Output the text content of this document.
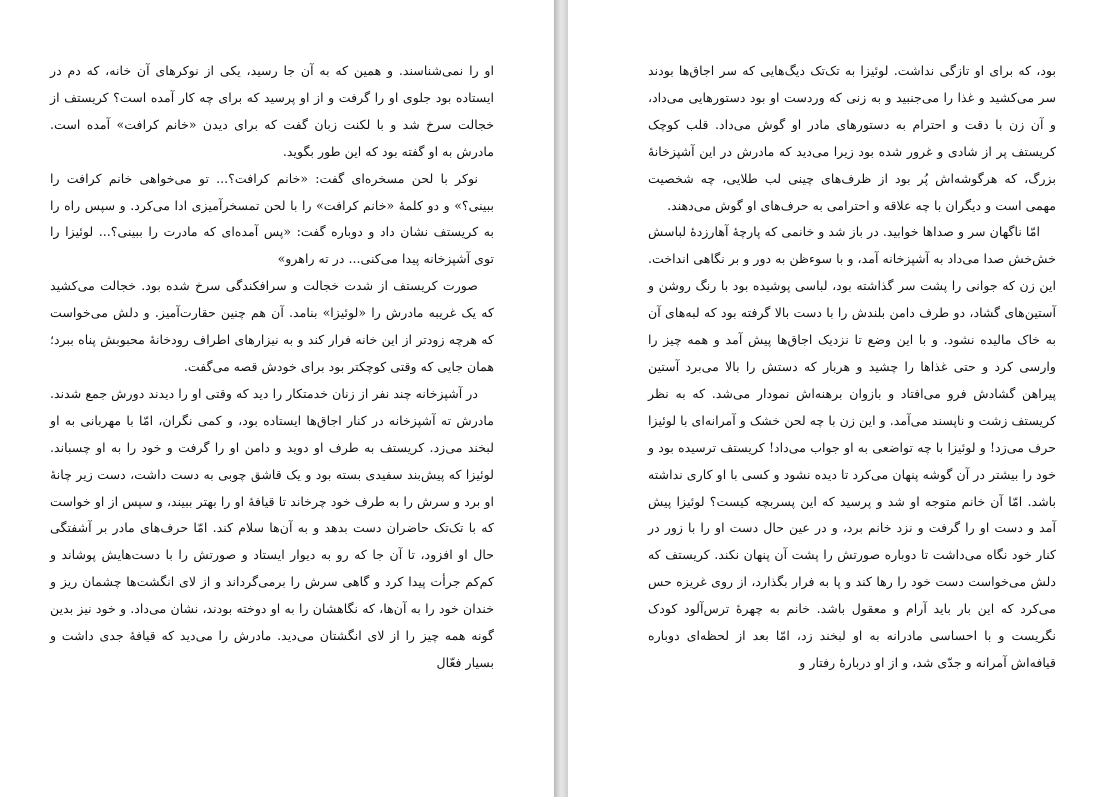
او را نمی‌شناسند. و همین که به آن جا رسید، یکی از نوکرهای آن خانه، که دم در ایستاده بود جلوی او را گرفت و از او پرسید که برای چه کار آمده است؟ کریستف از خجالت سرخ شد و با لکنت زبان گفت که برای دیدن «خانم کرافت» آمده است. مادرش به او گفته بود که این طور بگوید.

نوکر با لحن مسخره‌ای گفت: «خانم کرافت؟... تو می‌خواهی خانم کرافت را ببینی؟» و دو کلمهٔ «خانم کرافت» را با لحن تمسخرآمیزی ادا می‌کرد. و سپس راه را به کریستف نشان داد و دوباره گفت: «پس آمده‌ای که مادرت را ببینی؟... لوئیزا را توی آشپزخانه پیدا می‌کنی... در ته راهرو»

صورت کریستف از شدت خجالت و سرافکندگی سرخ شده بود. خجالت می‌کشید که یک غریبه مادرش را «لوئیزا» بنامد. آن هم چنین حقارت‌آمیز. و دلش می‌خواست که هرچه زودتر از این خانه فرار کند و به نیزارهای اطراف رودخانهٔ محبوبش پناه ببرد؛ همان جایی که وقتی کوچکتر بود برای خودش قصه می‌گفت.

در آشپزخانه چند نفر از زنان خدمتکار را دید که وقتی او را دیدند دورش جمع شدند. مادرش ته آشپزخانه در کنار اجاق‌ها ایستاده بود، و کمی نگران، امّا با مهربانی به او لبخند می‌زد. کریستف به طرف او دوید و دامن او را گرفت و خود را به او چسباند. لوئیزا که پیش‌بند سفیدی بسته بود و یک قاشق چوبی به دست داشت، دست زیر چانهٔ او برد و سرش را به طرف خود چرخاند تا قیافهٔ او را بهتر ببیند، و سپس از او خواست که با تک‌تک حاضران دست بدهد و به آن‌ها سلام کند. امّا حرف‌های مادر بر آشفتگی حال او افزود، تا آن جا که رو به دیوار ایستاد و صورتش را با دست‌هایش پوشاند و کم‌کم جرأت پیدا کرد و گاهی سرش را برمی‌گرداند و از لای انگشت‌ها چشمان ریز و خندان خود را به آن‌ها، که نگاهشان را به او دوخته بودند، نشان می‌داد. و خود نیز بدین گونه همه چیز را از لای انگشتان می‌دید. مادرش را می‌دید که قیافهٔ جدی داشت و بسیار فعّال

بود، که برای او تازگی نداشت. لوئیزا به تک‌تک دیگ‌هایی که سر اجاق‌ها بودند سر می‌کشید و غذا را می‌جنبید و به زنی که وردست او بود دستورهایی می‌داد، و آن زن با دقت و احترام به دستورهای مادر او گوش می‌داد. قلب کوچک کریستف پر از شادی و غرور شده بود زیرا می‌دید که مادرش در این آشپزخانهٔ بزرگ، که هرگوشه‌اش پُر بود از ظرف‌های چینی لب طلایی، چه شخصیت مهمی است و دیگران با چه علاقه و احترامی به حرف‌های او گوش می‌دهند.

امّا ناگهان سر و صداها خوابید. در باز شد و خانمی که پارچهٔ آهارزدهٔ لباسش خش‌خش صدا می‌داد به آشپزخانه آمد، و با سوءظن به دور و بر نگاهی انداخت. این زن که جوانی را پشت سر گذاشته بود، لباسی پوشیده بود با رنگ روشن و آستین‌های گشاد، دو طرف دامن بلندش را با دست بالا گرفته بود که لبه‌های آن به خاک مالیده نشود. و با این وضع تا نزدیک اجاق‌ها پیش آمد و همه چیز را وارسی کرد و حتی غذاها را چشید و هربار که دستش را بالا می‌برد آستین پیراهن گشادش فرو می‌افتاد و بازوان برهنه‌اش نمودار می‌شد. که به نظر کریستف زشت و ناپسند می‌آمد. و این زن با چه لحن خشک و آمرانه‌ای با لوئیزا حرف می‌زد! و لوئیزا با چه تواضعی به او جواب می‌داد! کریستف ترسیده بود و خود را بیشتر در آن گوشه پنهان می‌کرد تا دیده نشود و کسی با او کاری نداشته باشد. امّا آن خانم متوجه او شد و پرسید که این پسربچه کیست؟ لوئیزا پیش آمد و دست او را گرفت و نزد خانم برد، و در عین حال دست او را با زور در کنار خود نگاه می‌داشت تا دوباره صورتش را پشت آن پنهان نکند. کریستف که دلش می‌خواست دست خود را رها کند و پا به فرار بگذارد، از روی غریزه حس می‌کرد که این بار باید آرام و معقول باشد. خانم به چهرهٔ ترس‌آلود کودک نگریست و با احساسی مادرانه به او لبخند زد، امّا بعد از لحظه‌ای دوباره قیافه‌اش آمرانه و جدّی شد، و از او دربارهٔ رفتار و
